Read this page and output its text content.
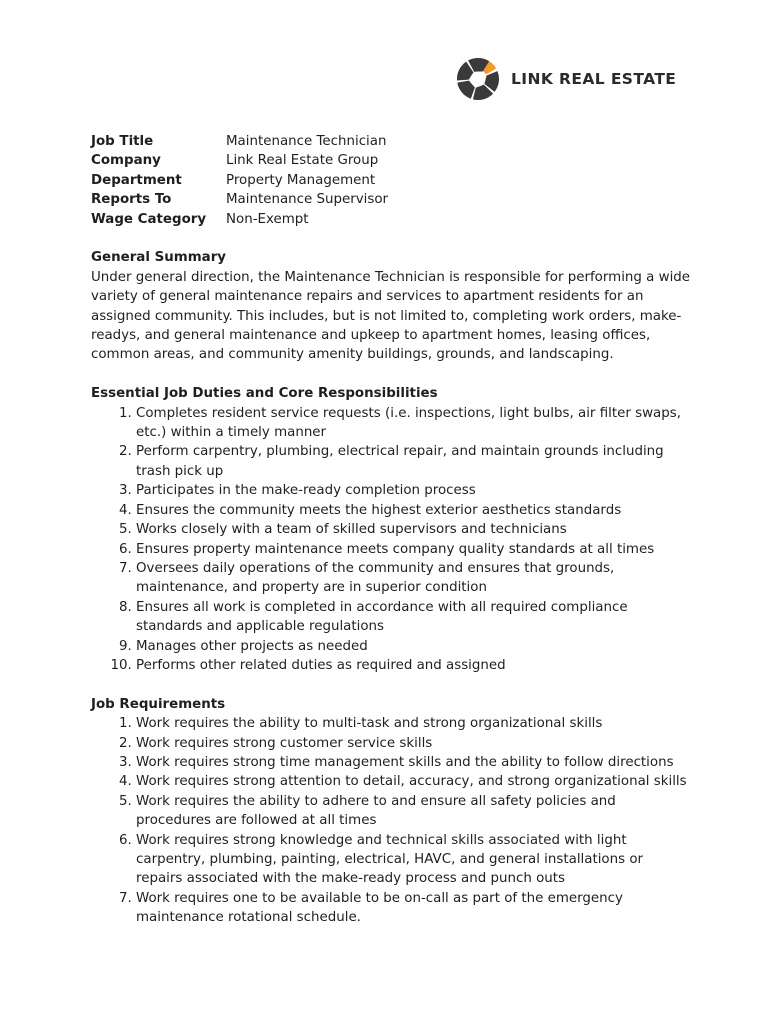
LINK REAL ESTATE
Job Title	Maintenance Technician
Company	Link Real Estate Group
Department	Property Management
Reports To	Maintenance Supervisor
Wage Category	Non-Exempt
General Summary
Under general direction, the Maintenance Technician is responsible for performing a wide variety of general maintenance repairs and services to apartment residents for an assigned community. This includes, but is not limited to, completing work orders, make-readys, and general maintenance and upkeep to apartment homes, leasing offices, common areas, and community amenity buildings, grounds, and landscaping.
Essential Job Duties and Core Responsibilities
1. Completes resident service requests (i.e. inspections, light bulbs, air filter swaps, etc.) within a timely manner
2. Perform carpentry, plumbing, electrical repair, and maintain grounds including trash pick up
3. Participates in the make-ready completion process
4. Ensures the community meets the highest exterior aesthetics standards
5. Works closely with a team of skilled supervisors and technicians
6. Ensures property maintenance meets company quality standards at all times
7. Oversees daily operations of the community and ensures that grounds, maintenance, and property are in superior condition
8. Ensures all work is completed in accordance with all required compliance standards and applicable regulations
9. Manages other projects as needed
10. Performs other related duties as required and assigned
Job Requirements
1. Work requires the ability to multi-task and strong organizational skills
2. Work requires strong customer service skills
3. Work requires strong time management skills and the ability to follow directions
4. Work requires strong attention to detail, accuracy, and strong organizational skills
5. Work requires the ability to adhere to and ensure all safety policies and procedures are followed at all times
6. Work requires strong knowledge and technical skills associated with light carpentry, plumbing, painting, electrical, HAVC, and general installations or repairs associated with the make-ready process and punch outs
7. Work requires one to be available to be on-call as part of the emergency maintenance rotational schedule.
